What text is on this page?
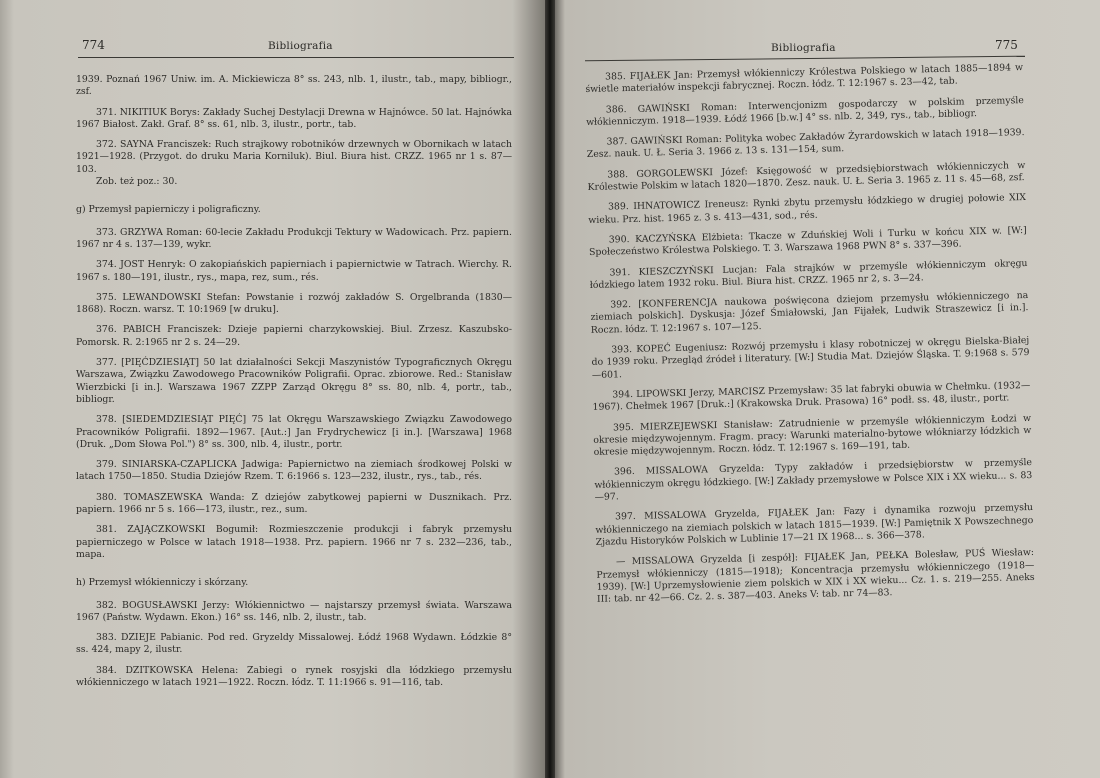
774	Bibliografia

1939. Poznań 1967 Uniw. im. A. Mickiewicza 8° ss. 243, nlb. 1, ilustr., tab., mapy, bibliogr., zsf.

371. NIKITIUK Borys: Zakłady Suchej Destylacji Drewna w Hajnówce. 50 lat. Hajnówka 1967 Białost. Zakł. Graf. 8° ss. 61, nlb. 3, ilustr., portr., tab.

372. SAYNA Franciszek: Ruch strajkowy robotników drzewnych w Obornikach w latach 1921—1928. (Przygot. do druku Maria Korniluk). Biul. Biura hist. CRZZ. 1965 nr 1 s. 87—103.

Zob. też poz.: 30.

g) Przemysł papierniczy i poligraficzny.

373. GRZYWA Roman: 60-lecie Zakładu Produkcji Tektury w Wadowicach. Prz. papiern. 1967 nr 4 s. 137—139, wykr.

374. JOST Henryk: O zakopiańskich papierniach i papiernictwie w Tatrach. Wierchy. R. 1967 s. 180—191, ilustr., rys., mapa, rez, sum., rés.

375. LEWANDOWSKI Stefan: Powstanie i rozwój zakładów S. Orgelbranda (1830—1868). Roczn. warsz. T. 10:1969 [w druku].

376. PABICH Franciszek: Dzieje papierni charzykowskiej. Biul. Zrzesz. Kaszubsko-Pomorsk. R. 2:1965 nr 2 s. 24—29.

377. [PIĘĆDZIESIĄT] 50 lat działalności Sekcji Maszynistów Typograficznych Okręgu Warszawa, Związku Zawodowego Pracowników Poligrafii. Oprac. zbiorowe. Red.: Stanisław Wierzbicki [i in.]. Warszawa 1967 ZZPP Zarząd Okręgu 8° ss. 80, nlb. 4, portr., tab., bibliogr.

378. [SIEDEMDZIESIĄT PIĘĆ] 75 lat Okręgu Warszawskiego Związku Zawodowego Pracowników Poligrafii. 1892—1967. [Aut.:] Jan Frydrychewicz [i in.]. [Warszawa] 1968 (Druk. „Dom Słowa Pol.") 8° ss. 300, nlb. 4, ilustr., portr.

379. SINIARSKA-CZAPLICKA Jadwiga: Papiernictwo na ziemiach środkowej Polski w latach 1750—1850. Studia Dziejów Rzem. T. 6:1966 s. 123—232, ilustr., rys., tab., rés.

380. TOMASZEWSKA Wanda: Z dziejów zabytkowej papierni w Dusznikach. Prz. papiern. 1966 nr 5 s. 166—173, ilustr., rez., sum.

381. ZAJĄCZKOWSKI Bogumił: Rozmieszczenie produkcji i fabryk przemysłu papierniczego w Polsce w latach 1918—1938. Prz. papiern. 1966 nr 7 s. 232—236, tab., mapa.

h) Przemysł włókienniczy i skórzany.

382. BOGUSŁAWSKI Jerzy: Włókiennictwo — najstarszy przemysł świata. Warszawa 1967 (Państw. Wydawn. Ekon.) 16° ss. 146, nlb. 2, ilustr., tab.

383. DZIEJE Pabianic. Pod red. Gryzeldy Missalowej. Łódź 1968 Wydawn. Łódzkie 8° ss. 424, mapy 2, ilustr.

384. DZITKOWSKA Helena: Zabiegi o rynek rosyjski dla łódzkiego przemysłu włókienniczego w latach 1921—1922. Roczn. łódz. T. 11:1966 s. 91—116, tab.

Bibliografia	775

385. FIJAŁEK Jan: Przemysł włókienniczy Królestwa Polskiego w latach 1885—1894 w świetle materiałów inspekcji fabrycznej. Roczn. łódz. T. 12:1967 s. 23—42, tab.

386. GAWIŃSKI Roman: Interwencjonizm gospodarczy w polskim przemyśle włókienniczym. 1918—1939. Łódź 1966 [b.w.] 4° ss. nlb. 2, 349, rys., tab., bibliogr.

387. GAWIŃSKI Roman: Polityka wobec Zakładów Żyrardowskich w latach 1918—1939. Zesz. nauk. U. Ł. Seria 3. 1966 z. 13 s. 131—154, sum.

388. GORGOLEWSKI Józef: Księgowość w przedsiębiorstwach włókienniczych w Królestwie Polskim w latach 1820—1870. Zesz. nauk. U. Ł. Seria 3. 1965 z. 11 s. 45—68, zsf.

389. IHNATOWICZ Ireneusz: Rynki zbytu przemysłu łódzkiego w drugiej połowie XIX wieku. Prz. hist. 1965 z. 3 s. 413—431, sod., rés.

390. KACZYŃSKA Elżbieta: Tkacze w Zduńskiej Woli i Turku w końcu XIX w. [W:] Społeczeństwo Królestwa Polskiego. T. 3. Warszawa 1968 PWN 8° s. 337—396.

391. KIESZCZYŃSKI Lucjan: Fala strajków w przemyśle włókienniczym okręgu łódzkiego latem 1932 roku. Biul. Biura hist. CRZZ. 1965 nr 2, s. 3—24.

392. [KONFERENCJA naukowa poświęcona dziejom przemysłu włókienniczego na ziemiach polskich]. Dyskusja: Józef Śmiałowski, Jan Fijałek, Ludwik Straszewicz [i in.]. Roczn. łódz. T. 12:1967 s. 107—125.

393. KOPEĆ Eugeniusz: Rozwój przemysłu i klasy robotniczej w okręgu Bielska-Białej do 1939 roku. Przegląd źródeł i literatury. [W:] Studia Mat. Dziejów Śląska. T. 9:1968 s. 579—601.

394. LIPOWSKI Jerzy, MARCISZ Przemysław: 35 lat fabryki obuwia w Chełmku. (1932—1967). Chełmek 1967 [Druk.:] (Krakowska Druk. Prasowa) 16° podł. ss. 48, ilustr., portr.

395. MIERZEJEWSKI Stanisław: Zatrudnienie w przemyśle włókienniczym Łodzi w okresie międzywojennym. Fragm. pracy: Warunki materialno-bytowe włókniarzy łódzkich w okresie międzywojennym. Roczn. łódz. T. 12:1967 s. 169—191, tab.

396. MISSALOWA Gryzelda: Typy zakładów i przedsiębiorstw w przemyśle włókienniczym okręgu łódzkiego. [W:] Zakłady przemysłowe w Polsce XIX i XX wieku... s. 83—97.

397. MISSALOWA Gryzelda, FIJAŁEK Jan: Fazy i dynamika rozwoju przemysłu włókienniczego na ziemiach polskich w latach 1815—1939. [W:] Pamiętnik X Powszechnego Zjazdu Historyków Polskich w Lublinie 17—21 IX 1968... s. 366—378.

— MISSALOWA Gryzelda [i zespół]: FIJAŁEK Jan, PEŁKA Bolesław, PUŚ Wiesław: Przemysł włókienniczy (1815—1918); Koncentracja przemysłu włókienniczego (1918—1939). [W:] Uprzemysłowienie ziem polskich w XIX i XX wieku... Cz. 1. s. 219—255. Aneks III: tab. nr 42—66. Cz. 2. s. 387—403. Aneks V: tab. nr 74—83.
